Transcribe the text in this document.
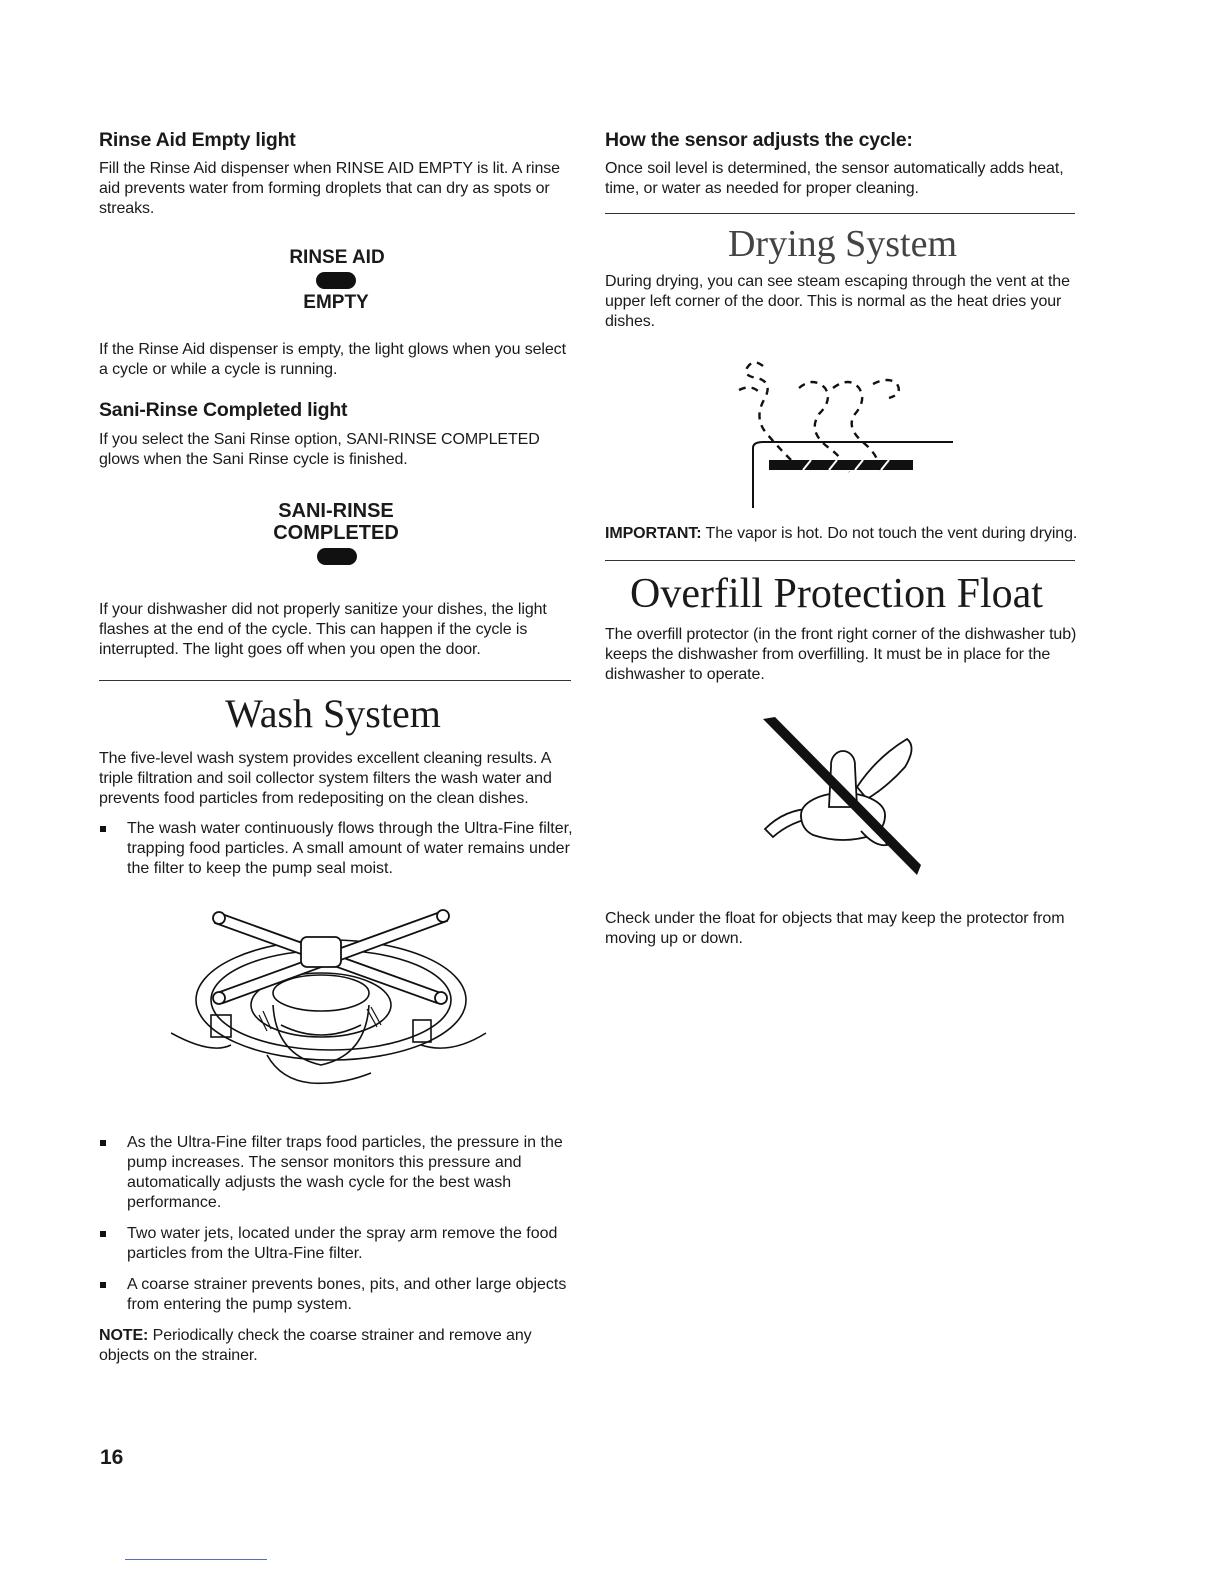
Rinse Aid Empty light

Fill the Rinse Aid dispenser when RINSE AID EMPTY is lit. A rinse aid prevents water from forming droplets that can dry as spots or streaks.

RINSE AID
EMPTY

If the Rinse Aid dispenser is empty, the light glows when you select a cycle or while a cycle is running.

Sani-Rinse Completed light

If you select the Sani Rinse option, SANI-RINSE COMPLETED glows when the Sani Rinse cycle is finished.

SANI-RINSE
COMPLETED

If your dishwasher did not properly sanitize your dishes, the light flashes at the end of the cycle. This can happen if the cycle is interrupted. The light goes off when you open the door.

Wash System

The five-level wash system provides excellent cleaning results. A triple filtration and soil collector system filters the wash water and prevents food particles from redepositing on the clean dishes.

The wash water continuously flows through the Ultra-Fine filter, trapping food particles. A small amount of water remains under the filter to keep the pump seal moist.
As the Ultra-Fine filter traps food particles, the pressure in the pump increases. The sensor monitors this pressure and automatically adjusts the wash cycle for the best wash performance.
Two water jets, located under the spray arm remove the food particles from the Ultra-Fine filter.
A coarse strainer prevents bones, pits, and other large objects from entering the pump system.

NOTE: Periodically check the coarse strainer and remove any objects on the strainer.

How the sensor adjusts the cycle:

Once soil level is determined, the sensor automatically adds heat, time, or water as needed for proper cleaning.

Drying System

During drying, you can see steam escaping through the vent at the upper left corner of the door. This is normal as the heat dries your dishes.

IMPORTANT: The vapor is hot. Do not touch the vent during drying.

Overfill Protection Float

The overfill protector (in the front right corner of the dishwasher tub) keeps the dishwasher from overfilling. It must be in place for the dishwasher to operate.

Check under the float for objects that may keep the protector from moving up or down.

16
